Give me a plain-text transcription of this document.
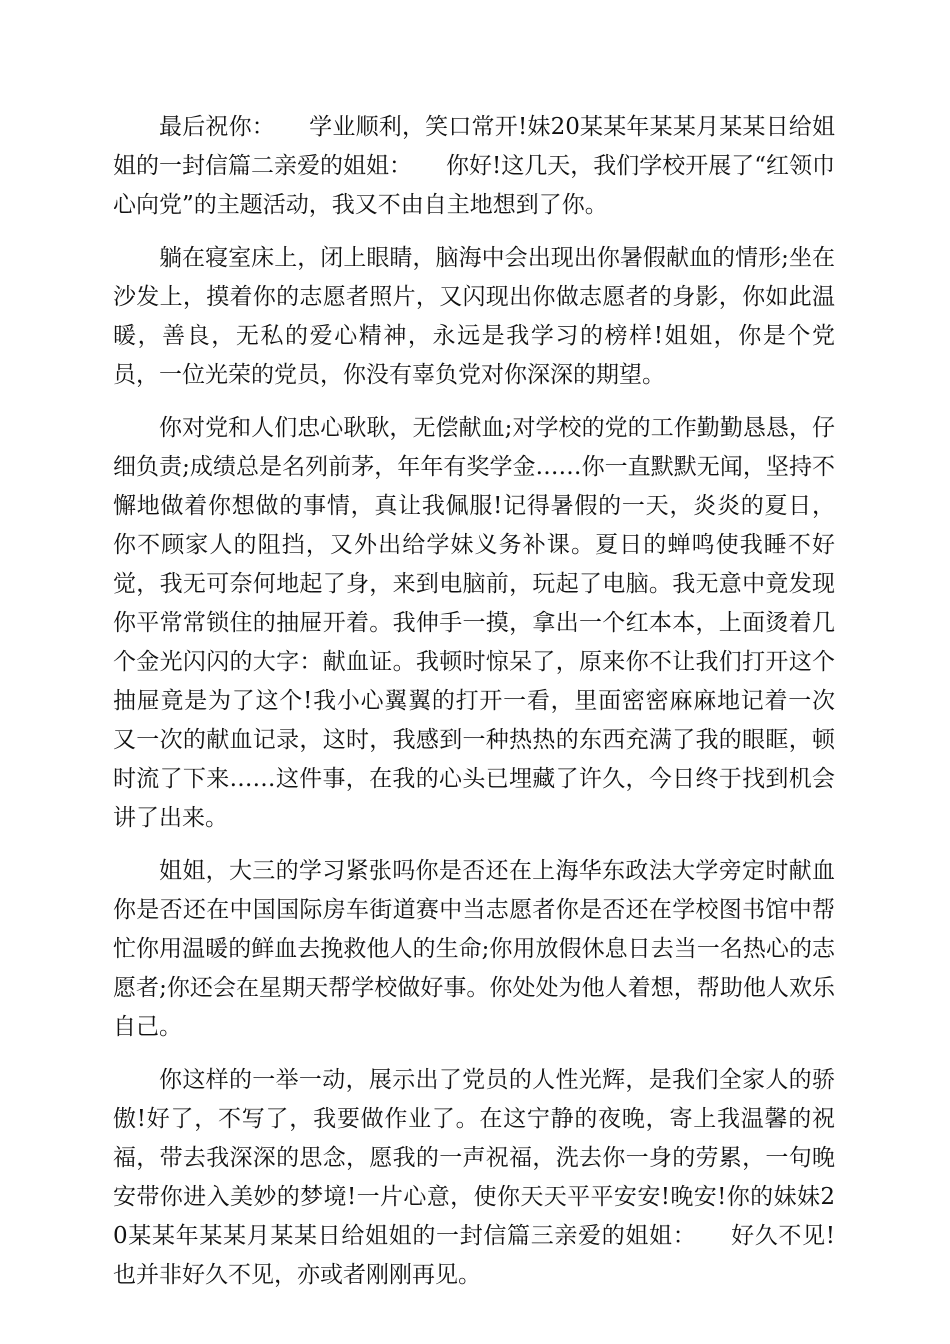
最后祝你： 学业顺利，笑口常开!妹20某某年某某月某某日给姐姐的一封信篇二亲爱的姐姐： 你好!这几天，我们学校开展了“红领巾心向党”的主题活动，我又不由自主地想到了你。

躺在寝室床上，闭上眼睛，脑海中会出现出你暑假献血的情形;坐在沙发上，摸着你的志愿者照片，又闪现出你做志愿者的身影，你如此温暖，善良，无私的爱心精神，永远是我学习的榜样!姐姐，你是个党员，一位光荣的党员，你没有辜负党对你深深的期望。

你对党和人们忠心耿耿，无偿献血;对学校的党的工作勤勤恳恳，仔细负责;成绩总是名列前茅，年年有奖学金……你一直默默无闻，坚持不懈地做着你想做的事情，真让我佩服!记得暑假的一天，炎炎的夏日，你不顾家人的阻挡，又外出给学妹义务补课。夏日的蝉鸣使我睡不好觉，我无可奈何地起了身，来到电脑前，玩起了电脑。我无意中竟发现你平常常锁住的抽屉开着。我伸手一摸，拿出一个红本本，上面烫着几个金光闪闪的大字：献血证。我顿时惊呆了，原来你不让我们打开这个抽屉竟是为了这个!我小心翼翼的打开一看，里面密密麻麻地记着一次又一次的献血记录，这时，我感到一种热热的东西充满了我的眼眶，顿时流了下来……这件事，在我的心头已埋藏了许久，今日终于找到机会讲了出来。

姐姐，大三的学习紧张吗你是否还在上海华东政法大学旁定时献血你是否还在中国国际房车街道赛中当志愿者你是否还在学校图书馆中帮忙你用温暖的鲜血去挽救他人的生命;你用放假休息日去当一名热心的志愿者;你还会在星期天帮学校做好事。你处处为他人着想，帮助他人欢乐自己。

你这样的一举一动，展示出了党员的人性光辉，是我们全家人的骄傲!好了，不写了，我要做作业了。在这宁静的夜晚，寄上我温馨的祝福，带去我深深的思念，愿我的一声祝福，洗去你一身的劳累，一句晚安带你进入美妙的梦境!一片心意，使你天天平平安安!晚安!你的妹妹20某某年某某月某某日给姐姐的一封信篇三亲爱的姐姐： 好久不见!也并非好久不见，亦或者刚刚再见。
